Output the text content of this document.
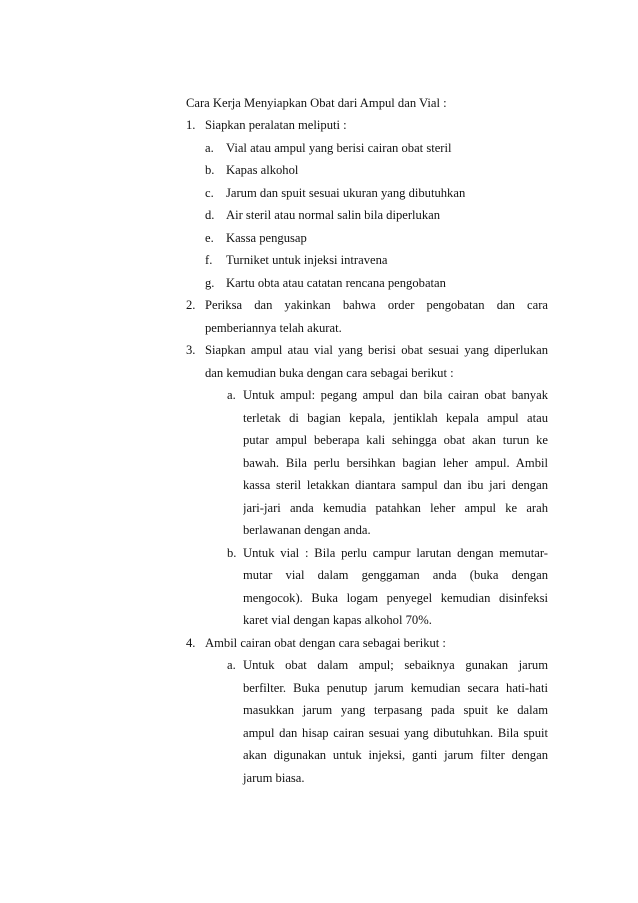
Cara Kerja Menyiapkan Obat dari Ampul dan Vial :
1. Siapkan peralatan meliputi :
a. Vial atau ampul yang berisi cairan obat steril
b. Kapas alkohol
c. Jarum dan spuit sesuai ukuran yang dibutuhkan
d. Air steril atau normal salin bila diperlukan
e. Kassa pengusap
f. Turniket untuk injeksi intravena
g. Kartu obta atau catatan rencana pengobatan
2. Periksa dan yakinkan bahwa order pengobatan dan cara
pemberiannya telah akurat.
3. Siapkan ampul atau vial yang berisi obat sesuai yang diperlukan
dan kemudian buka dengan cara sebagai berikut :
a. Untuk ampul: pegang ampul dan bila cairan obat banyak
terletak di bagian kepala, jentiklah kepala ampul atau
putar ampul beberapa kali sehingga obat akan turun ke
bawah. Bila perlu bersihkan bagian leher ampul. Ambil
kassa steril letakkan diantara sampul dan ibu jari dengan
jari-jari anda kemudia patahkan leher ampul ke arah
berlawanan dengan anda.
b. Untuk vial : Bila perlu campur larutan dengan memutar-
mutar vial dalam genggaman anda (buka dengan
mengocok). Buka logam penyegel kemudian disinfeksi
karet vial dengan kapas alkohol 70%.
4. Ambil cairan obat dengan cara sebagai berikut :
a. Untuk obat dalam ampul; sebaiknya gunakan jarum
berfilter. Buka penutup jarum kemudian secara hati-hati
masukkan jarum yang terpasang pada spuit ke dalam
ampul dan hisap cairan sesuai yang dibutuhkan. Bila spuit
akan digunakan untuk injeksi, ganti jarum filter dengan
jarum biasa.
